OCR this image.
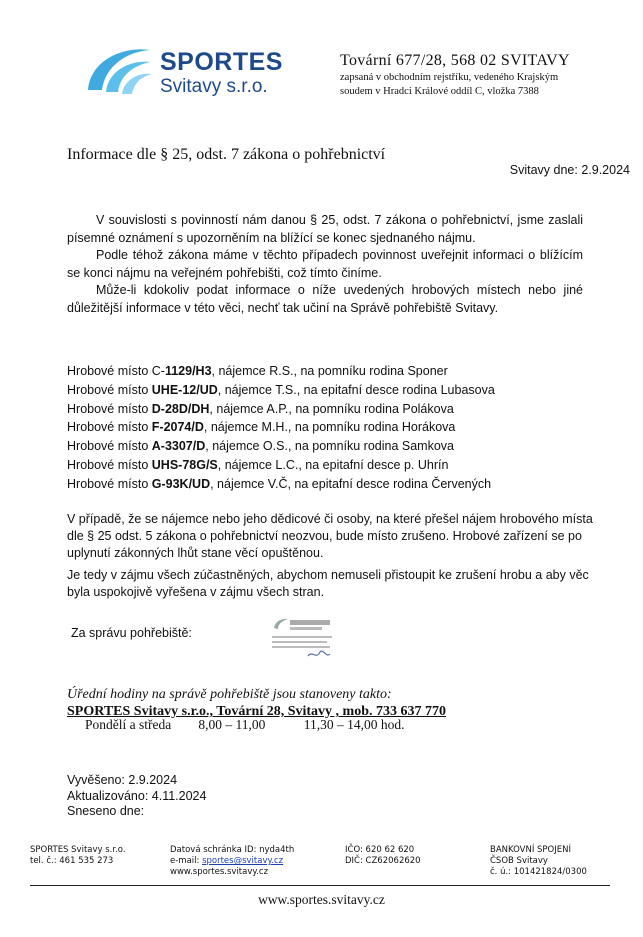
SPORTES
Svitavy s.r.o.
Tovární 677/28, 568 02 SVITAVY
zapsaná v obchodním rejstříku, vedeného Krajským
soudem v Hradci Králové oddíl C, vložka 7388
Informace dle § 25, odst. 7 zákona o pohřebnictví
Svitavy dne: 2.9.2024

V souvislosti s povinností nám danou § 25, odst. 7 zákona o pohřebnictví, jsme zaslali písemné oznámení s upozorněním na blížící se konec sjednaného nájmu.

Podle téhož zákona máme v těchto případech povinnost uveřejnit informaci o blížícím se konci nájmu na veřejném pohřebišti, což tímto činíme.

Může-li kdokoliv podat informace o níže uvedených hrobových místech nebo jiné důležitější informace v této věci, nechť tak učiní na Správě pohřebiště Svitavy.

Hrobové místo C-1129/H3, nájemce R.S., na pomníku rodina Sponer
Hrobové místo UHE-12/UD, nájemce T.S., na epitafní desce rodina Lubasova
Hrobové místo D-28D/DH, nájemce A.P., na pomníku rodina Polákova
Hrobové místo F-2074/D, nájemce M.H., na pomníku rodina Horákova
Hrobové místo A-3307/D, nájemce O.S., na pomníku rodina Samkova
Hrobové místo UHS-78G/S, nájemce L.C., na epitafní desce p. Uhrín
Hrobové místo G-93K/UD, nájemce V.Č, na epitafní desce rodina Červených
V případě, že se nájemce nebo jeho dědicové či osoby, na které přešel nájem hrobového místa dle § 25 odst. 5 zákona o pohřebnictví neozvou, bude místo zrušeno. Hrobové zařízení se po uplynutí zákonných lhůt stane věcí opuštěnou.
Je tedy v zájmu všech zúčastněných, abychom nemuseli přistoupit ke zrušení hrobu a aby věc byla uspokojivě vyřešena v zájmu všech stran.
Za správu pohřebiště:
Úřední hodiny na správě pohřebiště jsou stanoveny takto:
SPORTES Svitavy s.r.o., Tovární 28, Svitavy , mob. 733 637 770
Pondělí a středa 8,00 – 11,00	11,30 – 14,00 hod.
Vyvěšeno: 2.9.2024
Aktualizováno: 4.11.2024
Sneseno dne:
SPORTES Svitavy s.r.o.
tel. č.: 461 535 273
Datová schránka ID: nyda4th
e-mail: sportes@svitavy.cz
www.sportes.svitavy.cz
IČO: 620 62 620
DIČ: CZ62062620
BANKOVNÍ SPOJENÍ
ČSOB Svitavy
č. ú.: 101421824/0300
www.sportes.svitavy.cz
